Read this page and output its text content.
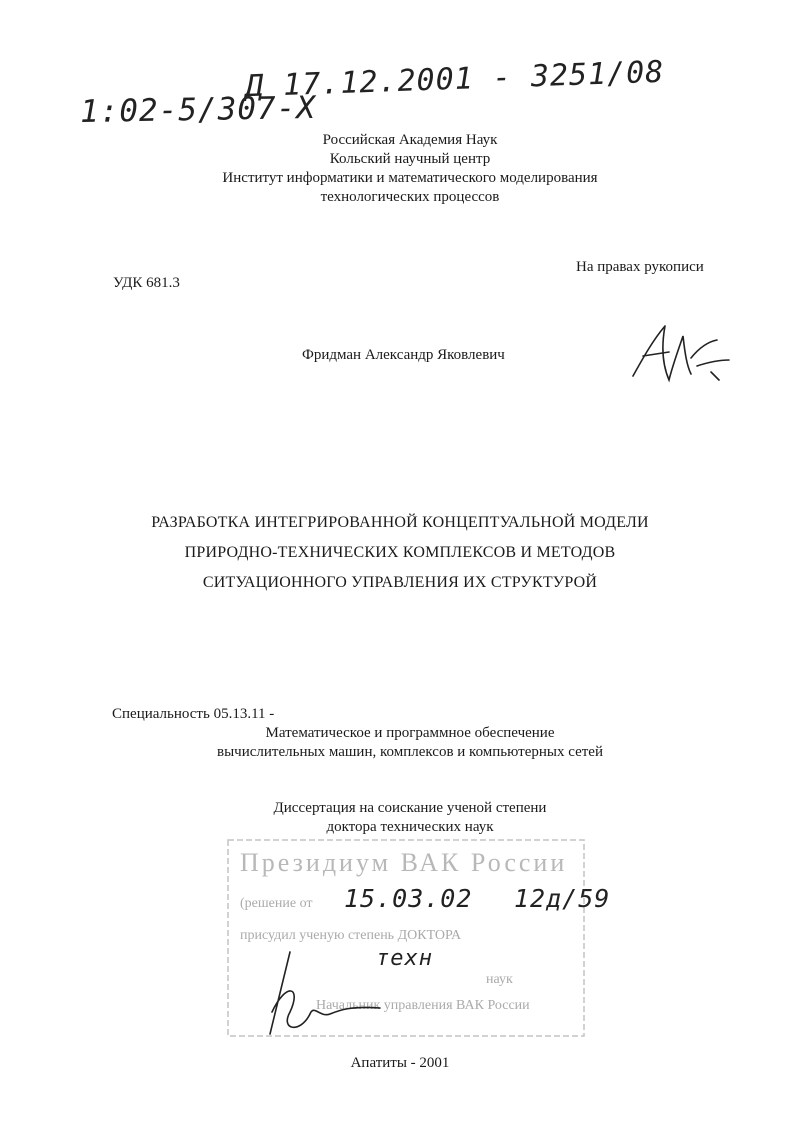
Д 17.12.2001 - 3251/08
1:02-5/307-X
Российская Академия Наук
Кольский научный центр
Институт информатики и математического моделирования
технологических процессов
На правах рукописи
УДК 681.3
Фридман Александр Яковлевич
РАЗРАБОТКА ИНТЕГРИРОВАННОЙ КОНЦЕПТУАЛЬНОЙ МОДЕЛИ
ПРИРОДНО-ТЕХНИЧЕСКИХ КОМПЛЕКСОВ И МЕТОДОВ
СИТУАЦИОННОГО УПРАВЛЕНИЯ ИХ СТРУКТУРОЙ
Специальность 05.13.11 -
Математическое и программное обеспечение
вычислительных машин, комплексов и компьютерных сетей
Диссертация на соискание ученой степени
доктора технических наук
Президиум ВАК России
(решение от 15.03.02 12д/59
присудил ученую степень ДОКТОРА
техн
наук
Начальник управления ВАК России
Апатиты - 2001
